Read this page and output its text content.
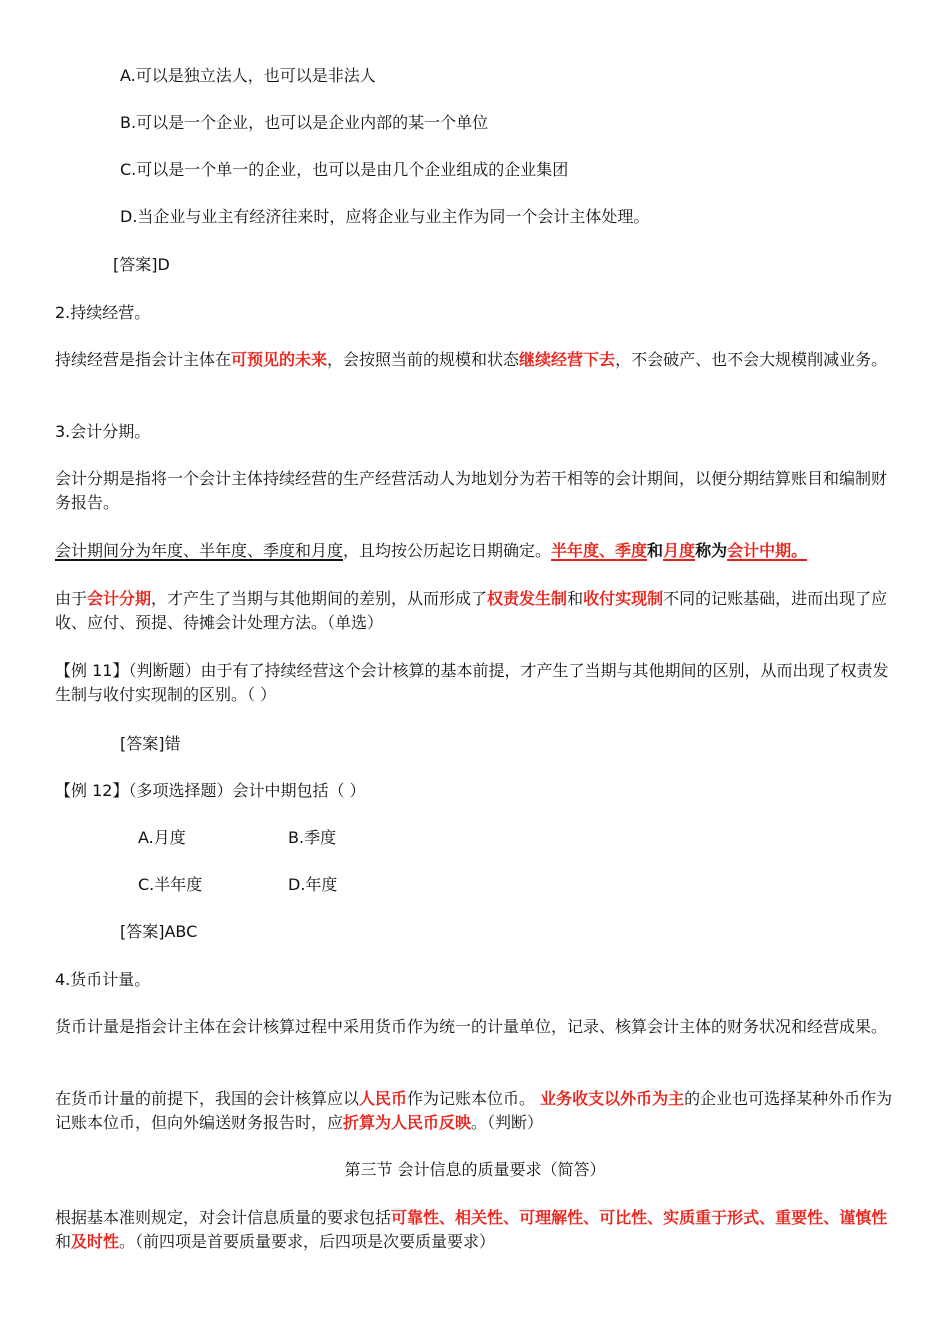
A.可以是独立法人，也可以是非法人
B.可以是一个企业，也可以是企业内部的某一个单位
C.可以是一个单一的企业，也可以是由几个企业组成的企业集团
D.当企业与业主有经济往来时，应将企业与业主作为同一个会计主体处理。
[答案]D
2.持续经营。
持续经营是指会计主体在可预见的未来，会按照当前的规模和状态继续经营下去，不会破产、也不会大规模削减业务。
3.会计分期。
会计分期是指将一个会计主体持续经营的生产经营活动人为地划分为若干相等的会计期间，以便分期结算账目和编制财务报告。
会计期间分为年度、半年度、季度和月度，且均按公历起讫日期确定。半年度、季度和月度称为会计中期。
由于会计分期，才产生了当期与其他期间的差别，从而形成了权责发生制和收付实现制不同的记账基础，进而出现了应收、应付、预提、待摊会计处理方法。（单选）
【例 11】（判断题）由于有了持续经营这个会计核算的基本前提，才产生了当期与其他期间的区别，从而出现了权责发生制与收付实现制的区别。（ ）
[答案]错
【例 12】（多项选择题）会计中期包括（ ）
A.月度	B.季度
C.半年度	D.年度
[答案]ABC
4.货币计量。
货币计量是指会计主体在会计核算过程中采用货币作为统一的计量单位，记录、核算会计主体的财务状况和经营成果。
在货币计量的前提下，我国的会计核算应以人民币作为记账本位币。 业务收支以外币为主的企业也可选择某种外币作为记账本位币，但向外编送财务报告时，应折算为人民币反映。（判断）
第三节 会计信息的质量要求（简答）
根据基本准则规定，对会计信息质量的要求包括可靠性、相关性、可理解性、可比性、实质重于形式、重要性、谨慎性和及时性。（前四项是首要质量要求，后四项是次要质量要求）
